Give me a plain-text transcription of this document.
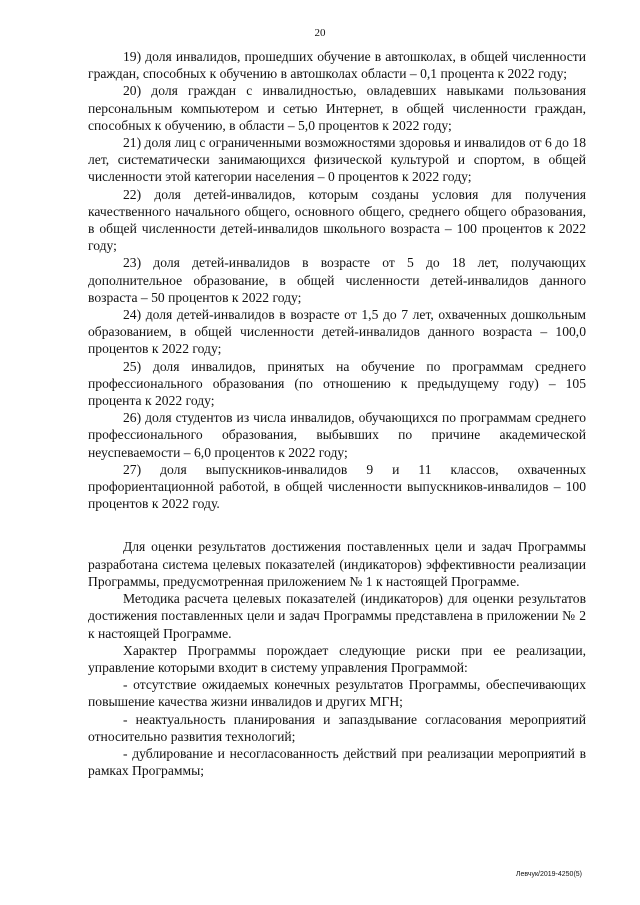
20

19) доля инвалидов, прошедших обучение в автошколах, в общей численности граждан, способных к обучению в автошколах области – 0,1 процента к 2022 году;

20) доля граждан с инвалидностью, овладевших навыками пользования персональным компьютером и сетью Интернет, в общей численности граждан, способных к обучению, в области – 5,0 процентов к 2022 году;

21) доля лиц с ограниченными возможностями здоровья и инвалидов от 6 до 18 лет, систематически занимающихся физической культурой и спортом, в общей численности этой категории населения – 0 процентов к 2022 году;

22) доля детей-инвалидов, которым созданы условия для получения качественного начального общего, основного общего, среднего общего образования, в общей численности детей-инвалидов школьного возраста – 100 процентов к 2022 году;

23) доля детей-инвалидов в возрасте от 5 до 18 лет, получающих дополнительное образование, в общей численности детей-инвалидов данного возраста – 50 процентов к 2022 году;

24) доля детей-инвалидов в возрасте от 1,5 до 7 лет, охваченных дошкольным образованием, в общей численности детей-инвалидов данного возраста – 100,0 процентов к 2022 году;

25) доля инвалидов, принятых на обучение по программам среднего профессионального образования (по отношению к предыдущему году) – 105 процента к 2022 году;

26) доля студентов из числа инвалидов, обучающихся по программам среднего профессионального образования, выбывших по причине академической неуспеваемости – 6,0 процентов к 2022 году;

27) доля выпускников-инвалидов 9 и 11 классов, охваченных профориентационной работой, в общей численности выпускников-инвалидов – 100 процентов к 2022 году.

Для оценки результатов достижения поставленных цели и задач Программы разработана система целевых показателей (индикаторов) эффективности реализации Программы, предусмотренная приложением № 1 к настоящей Программе.

Методика расчета целевых показателей (индикаторов) для оценки результатов достижения поставленных цели и задач Программы представлена в приложении № 2 к настоящей Программе.

Характер Программы порождает следующие риски при ее реализации, управление которыми входит в систему управления Программой:

- отсутствие ожидаемых конечных результатов Программы, обеспечивающих повышение качества жизни инвалидов и других МГН;

- неактуальность планирования и запаздывание согласования мероприятий относительно развития технологий;

- дублирование и несогласованность действий при реализации мероприятий в рамках Программы;

Левчук/2019-4250(5)
